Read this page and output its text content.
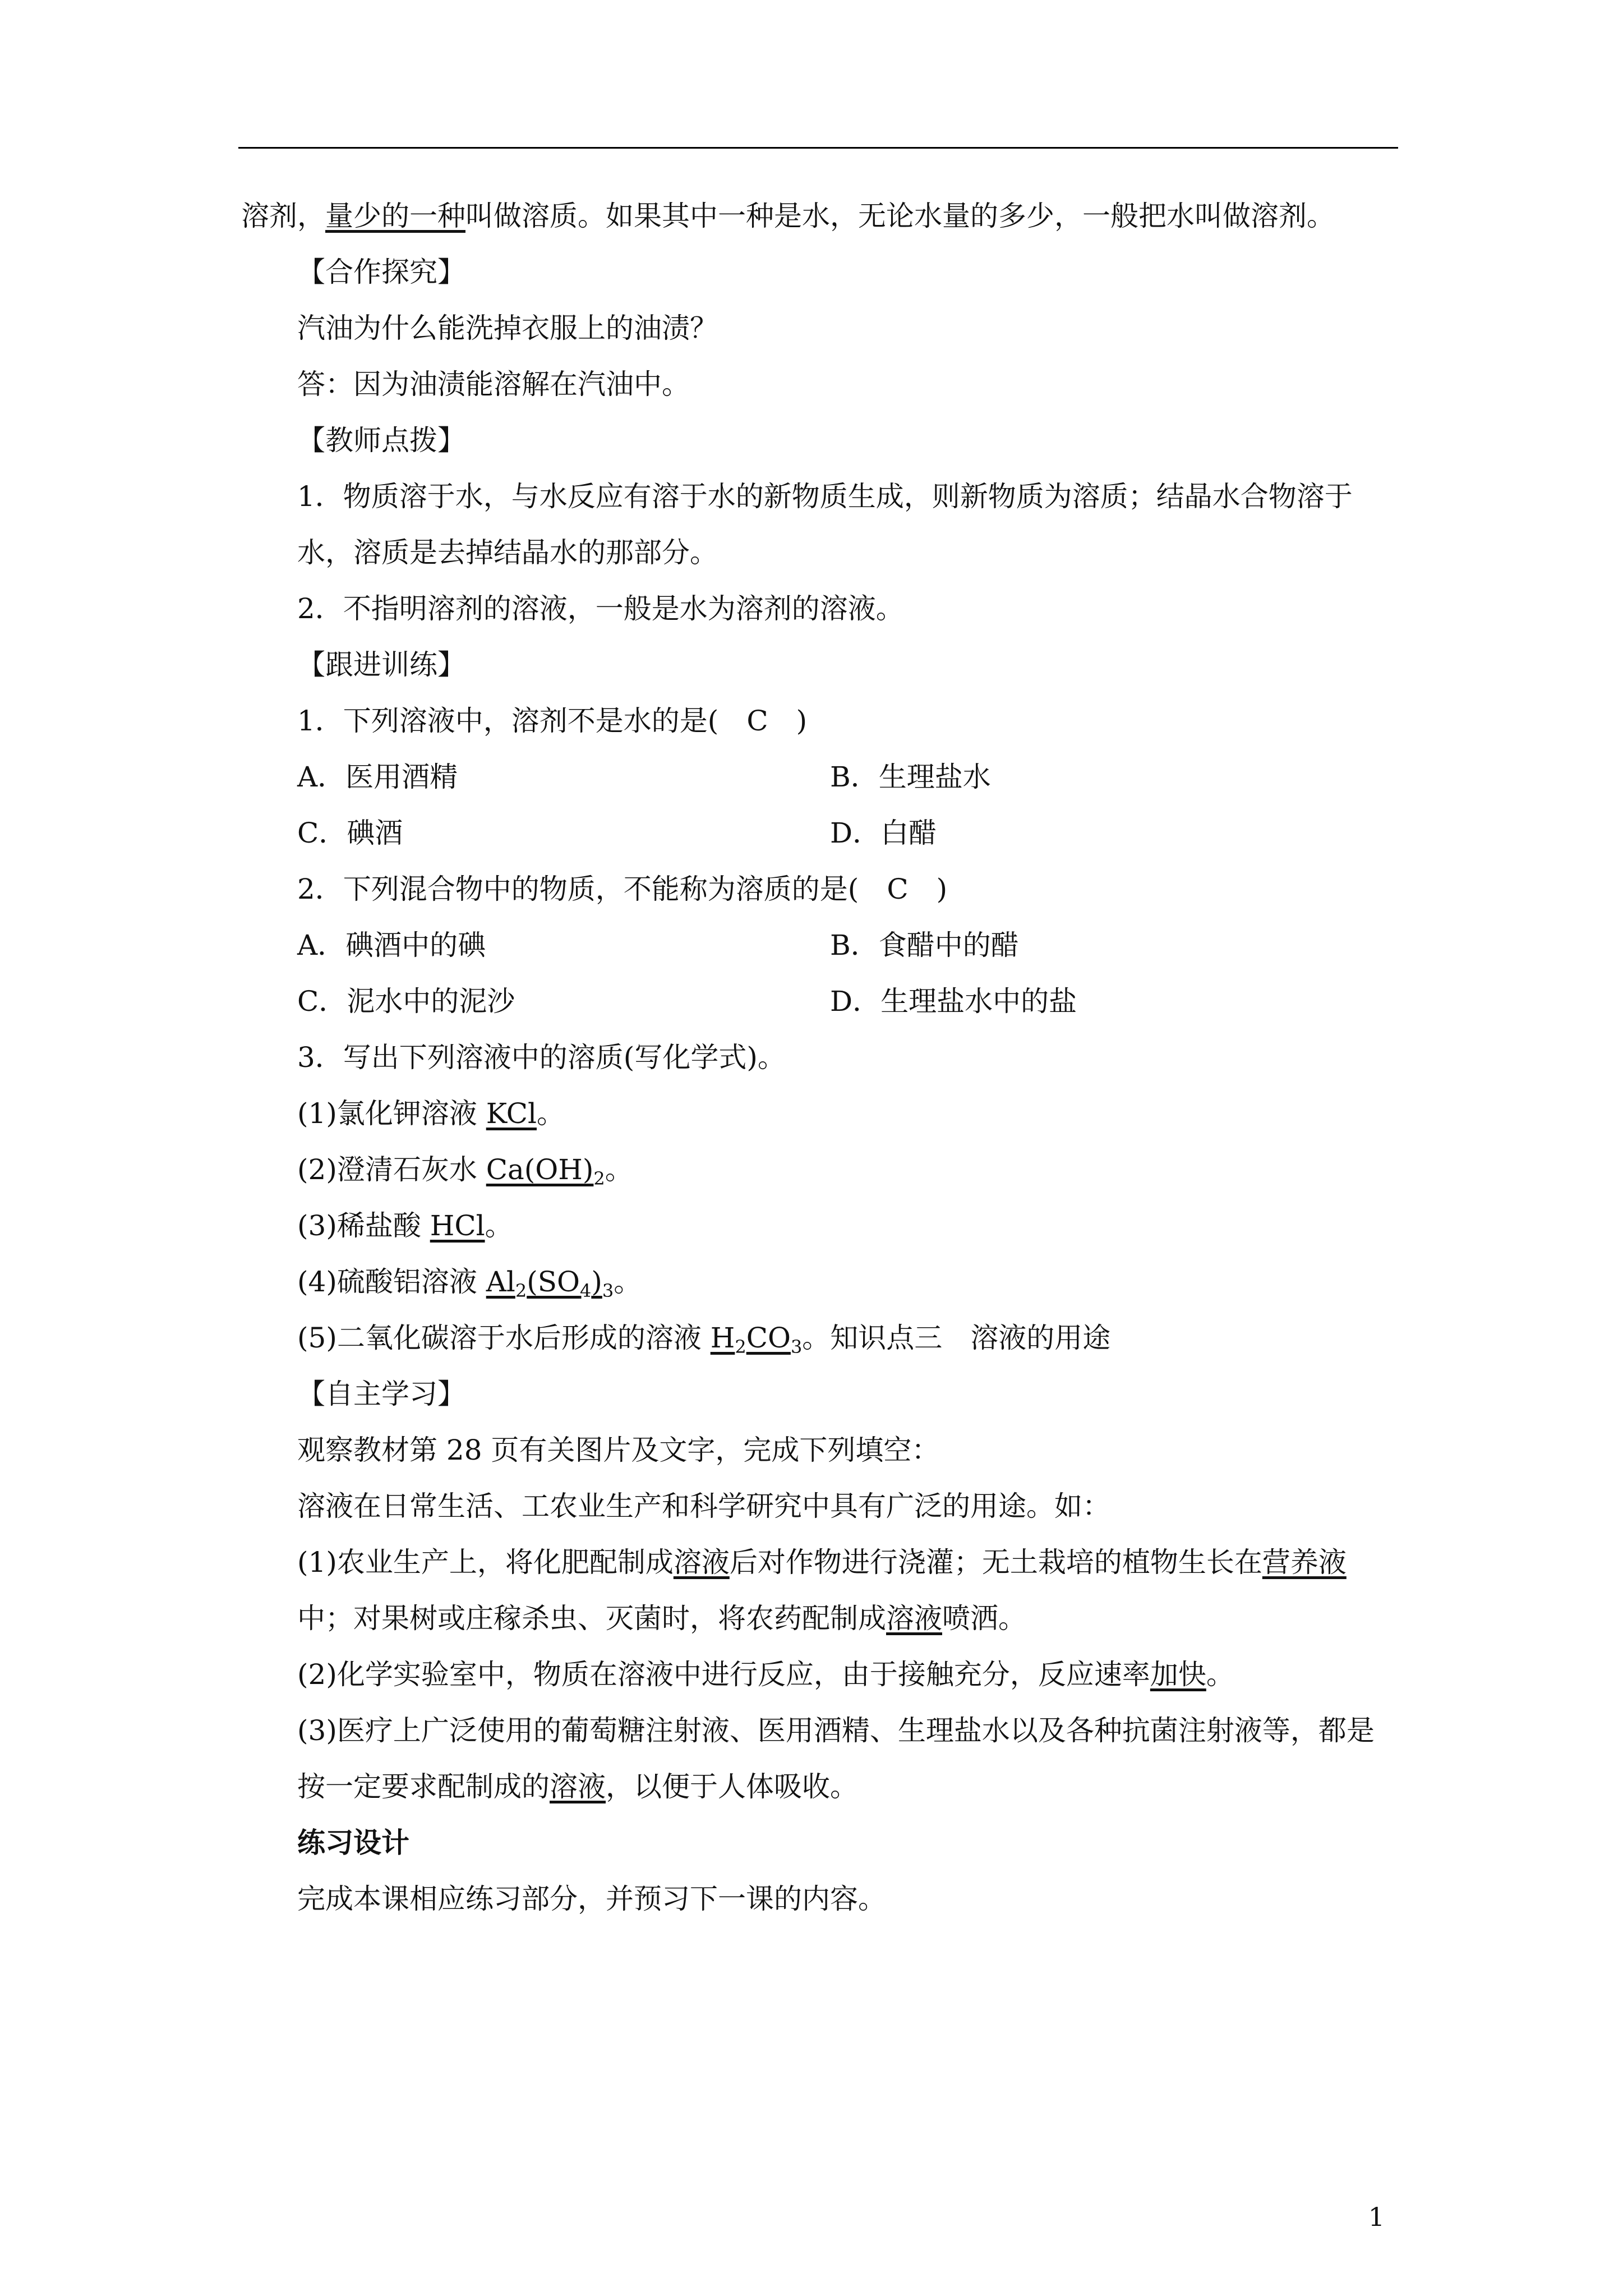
溶剂，量少的一种叫做溶质。如果其中一种是水，无论水量的多少，一般把水叫做溶剂。
【合作探究】
汽油为什么能洗掉衣服上的油渍？
答：因为油渍能溶解在汽油中。
【教师点拨】
1．物质溶于水，与水反应有溶于水的新物质生成，则新物质为溶质；结晶水合物溶于水，溶质是去掉结晶水的那部分。
2．不指明溶剂的溶液，一般是水为溶剂的溶液。
【跟进训练】
1．下列溶液中，溶剂不是水的是(　C　)
A．医用酒精	B．生理盐水
C．碘酒	D．白醋
2．下列混合物中的物质，不能称为溶质的是(　C　)
A．碘酒中的碘	B．食醋中的醋
C．泥水中的泥沙	D．生理盐水中的盐
3．写出下列溶液中的溶质(写化学式)。
(1)氯化钾溶液 KCl。
(2)澄清石灰水 $Ca(OH)_2$。
(3)稀盐酸 HCl。
(4)硫酸铝溶液 $Al_2(SO_4)_3$。
(5)二氧化碳溶于水后形成的溶液 $H_2CO_3$。知识点三　溶液的用途
【自主学习】
观察教材第 28 页有关图片及文字，完成下列填空：
溶液在日常生活、工农业生产和科学研究中具有广泛的用途。如：
(1)农业生产上，将化肥配制成溶液后对作物进行浇灌；无土栽培的植物生长在营养液中；对果树或庄稼杀虫、灭菌时，将农药配制成溶液喷洒。
(2)化学实验室中，物质在溶液中进行反应，由于接触充分，反应速率加快。
(3)医疗上广泛使用的葡萄糖注射液、医用酒精、生理盐水以及各种抗菌注射液等，都是按一定要求配制成的溶液，以便于人体吸收。
练习设计
完成本课相应练习部分，并预习下一课的内容。
1
